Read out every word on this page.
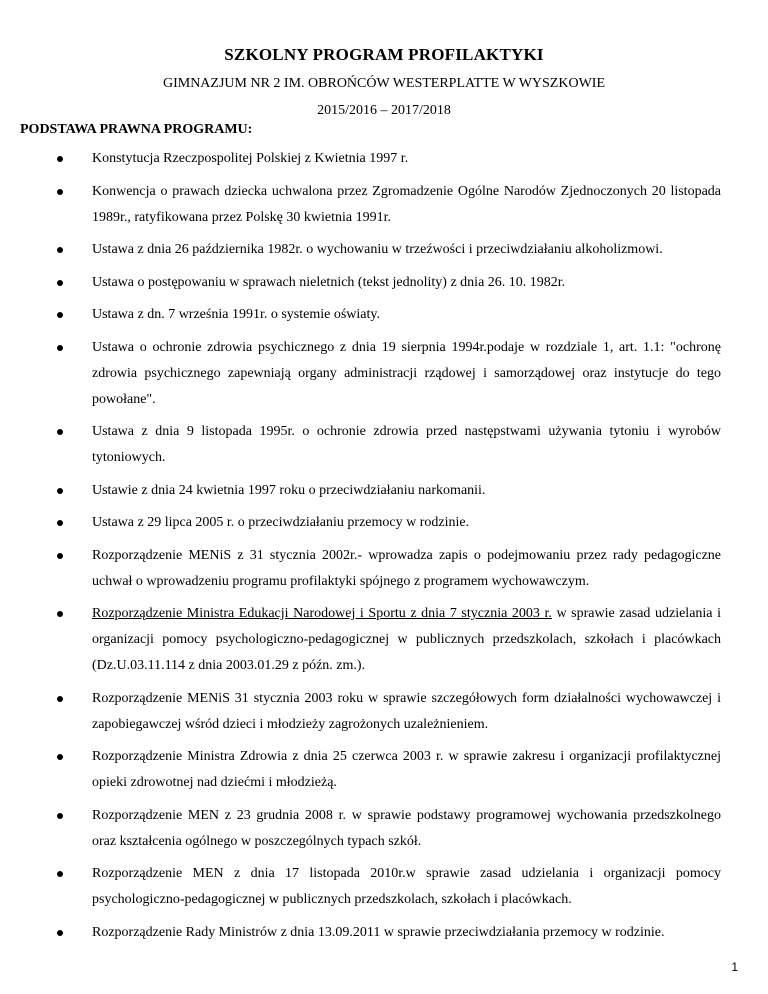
SZKOLNY PROGRAM PROFILAKTYKI
GIMNAZJUM NR 2 IM. OBROŃCÓW WESTERPLATTE W WYSZKOWIE
2015/2016 – 2017/2018
PODSTAWA PRAWNA PROGRAMU:
Konstytucja Rzeczpospolitej Polskiej z Kwietnia 1997 r.
Konwencja o prawach dziecka uchwalona przez Zgromadzenie Ogólne Narodów Zjednoczonych 20 listopada 1989r., ratyfikowana przez Polskę 30 kwietnia 1991r.
Ustawa z dnia 26 października 1982r. o wychowaniu w trzeźwości i przeciwdziałaniu alkoholizmowi.
Ustawa o postępowaniu w sprawach nieletnich (tekst jednolity) z dnia 26. 10. 1982r.
Ustawa z dn. 7 września 1991r. o systemie oświaty.
Ustawa o ochronie zdrowia psychicznego z dnia 19 sierpnia 1994r.podaje w rozdziale 1, art. 1.1: "ochronę zdrowia psychicznego zapewniają organy administracji rządowej i samorządowej oraz instytucje do tego powołane".
Ustawa z dnia 9 listopada 1995r. o ochronie zdrowia przed następstwami używania tytoniu i wyrobów tytoniowych.
Ustawie z dnia 24 kwietnia 1997 roku o przeciwdziałaniu narkomanii.
Ustawa z 29 lipca 2005 r. o przeciwdziałaniu przemocy w rodzinie.
Rozporządzenie MENiS z 31 stycznia 2002r.- wprowadza zapis o podejmowaniu przez rady pedagogiczne uchwał o wprowadzeniu programu profilaktyki spójnego z programem wychowawczym.
Rozporządzenie Ministra Edukacji Narodowej i Sportu z dnia 7 stycznia 2003 r. w sprawie zasad udzielania i organizacji pomocy psychologiczno-pedagogicznej w publicznych przedszkolach, szkołach i placówkach (Dz.U.03.11.114 z dnia 2003.01.29 z późn. zm.).
Rozporządzenie MENiS 31 stycznia 2003 roku w sprawie szczegółowych form działalności wychowawczej i zapobiegawczej wśród dzieci i młodzieży zagrożonych uzależnieniem.
Rozporządzenie Ministra Zdrowia z dnia 25 czerwca 2003 r. w sprawie zakresu i organizacji profilaktycznej opieki zdrowotnej nad dziećmi i młodzieżą.
Rozporządzenie MEN z 23 grudnia 2008 r. w sprawie podstawy programowej wychowania przedszkolnego oraz kształcenia ogólnego w poszczególnych typach szkół.
Rozporządzenie MEN z dnia 17 listopada 2010r.w sprawie zasad udzielania i organizacji pomocy psychologiczno-pedagogicznej w publicznych przedszkolach, szkołach i placówkach.
Rozporządzenie Rady Ministrów z dnia 13.09.2011 w sprawie przeciwdziałania przemocy w rodzinie.
1
